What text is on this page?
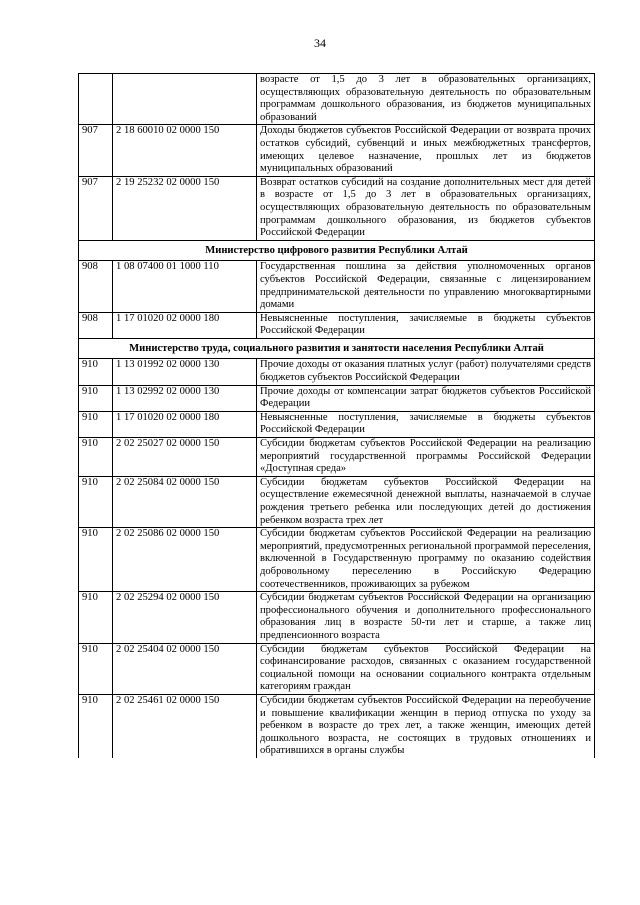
34
		возрасте от 1,5 до 3 лет в образовательных организациях, осуществляющих образовательную деятельность по образовательным программам дошкольного образования, из бюджетов муниципальных образований
907	2 18 60010 02 0000 150	Доходы бюджетов субъектов Российской Федерации от возврата прочих остатков субсидий, субвенций и иных межбюджетных трансфертов, имеющих целевое назначение, прошлых лет из бюджетов муниципальных образований
907	2 19 25232 02 0000 150	Возврат остатков субсидий на создание дополнительных мест для детей в возрасте от 1,5 до 3 лет в образовательных организациях, осуществляющих образовательную деятельность по образовательным программам дошкольного образования, из бюджетов субъектов Российской Федерации
Министерство цифрового развития Республики Алтай		
908	1 08 07400 01 1000 110	Государственная пошлина за действия уполномоченных органов субъектов Российской Федерации, связанные с лицензированием предпринимательской деятельности по управлению многоквартирными домами
908	1 17 01020 02 0000 180	Невыясненные поступления, зачисляемые в бюджеты субъектов Российской Федерации
Министерство труда, социального развития и занятости населения Республики Алтай		
910	1 13 01992 02 0000 130	Прочие доходы от оказания платных услуг (работ) получателями средств бюджетов субъектов Российской Федерации
910	1 13 02992 02 0000 130	Прочие доходы от компенсации затрат бюджетов субъектов Российской Федерации
910	1 17 01020 02 0000 180	Невыясненные поступления, зачисляемые в бюджеты субъектов Российской Федерации
910	2 02 25027 02 0000 150	Субсидии бюджетам субъектов Российской Федерации на реализацию мероприятий государственной программы Российской Федерации «Доступная среда»
910	2 02 25084 02 0000 150	Субсидии бюджетам субъектов Российской Федерации на осуществление ежемесячной денежной выплаты, назначаемой в случае рождения третьего ребенка или последующих детей до достижения ребенком возраста трех лет
910	2 02 25086 02 0000 150	Субсидии бюджетам субъектов Российской Федерации на реализацию мероприятий, предусмотренных региональной программой переселения, включенной в Государственную программу по оказанию содействия добровольному переселению в Российскую Федерацию соотечественников, проживающих за рубежом
910	2 02 25294 02 0000 150	Субсидии бюджетам субъектов Российской Федерации на организацию профессионального обучения и дополнительного профессионального образования лиц в возрасте 50-ти лет и старше, а также лиц предпенсионного возраста
910	2 02 25404 02 0000 150	Субсидии бюджетам субъектов Российской Федерации на софинансирование расходов, связанных с оказанием государственной социальной помощи на основании социального контракта отдельным категориям граждан
910	2 02 25461 02 0000 150	Субсидии бюджетам субъектов Российской Федерации на переобучение и повышение квалификации женщин в период отпуска по уходу за ребенком в возрасте до трех лет, а также женщин, имеющих детей дошкольного возраста, не состоящих в трудовых отношениях и обратившихся в органы службы
